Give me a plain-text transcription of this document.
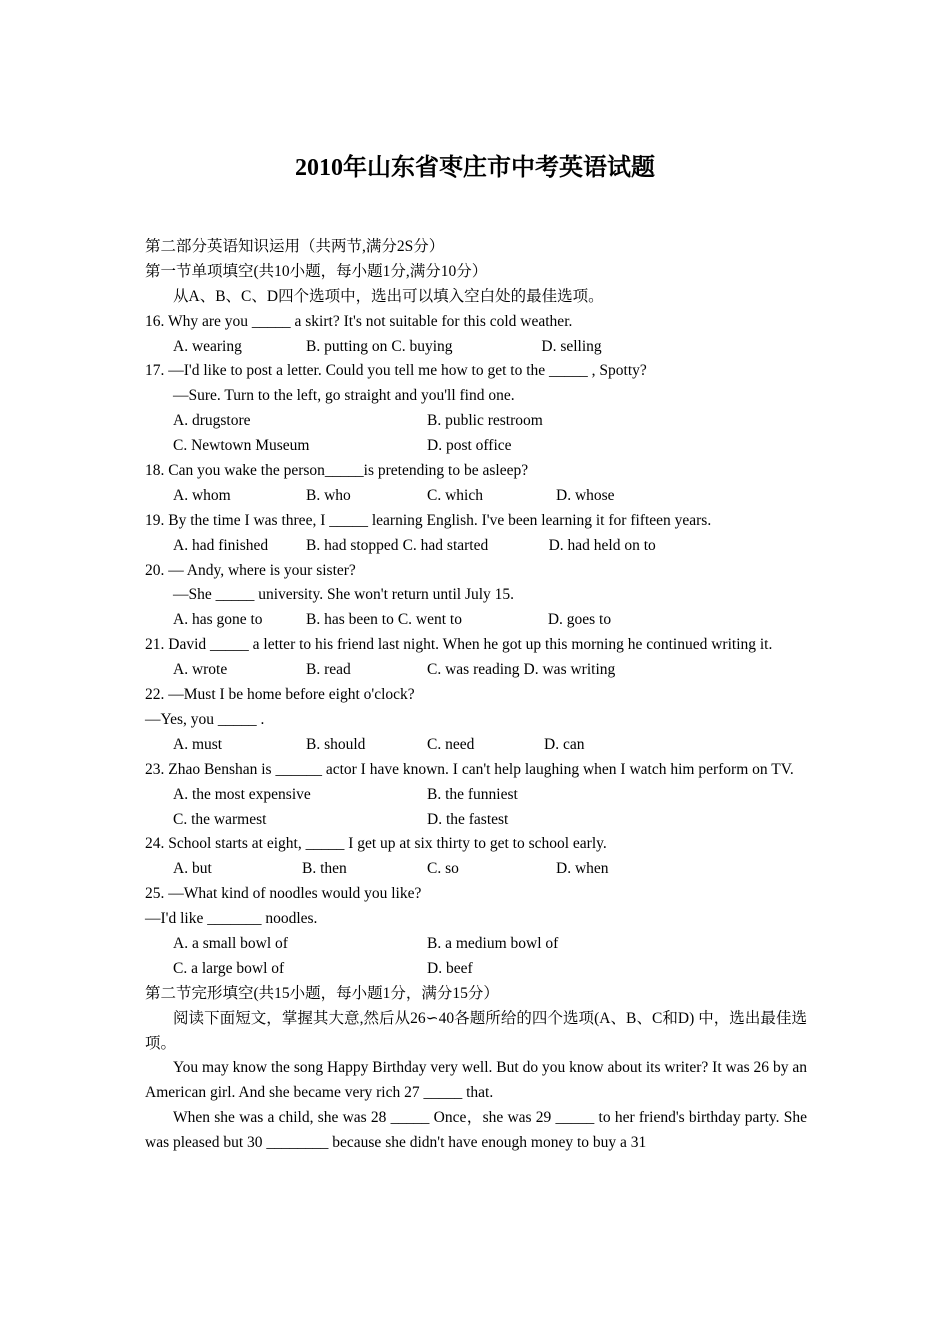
2010年山东省枣庄市中考英语试题
第二部分英语知识运用（共两节,满分2S分）
第一节单项填空(共10小题，每小题1分,满分10分）
从A、B、C、D四个选项中，选出可以填入空白处的最佳选项。
16. Why are you _____ a skirt? It's not suitable for this cold weather.
A. wearing	B. putting on C. buying	D. selling
17. —I'd like to post a letter. Could you tell me how to get to the _____ , Spotty?
—Sure. Turn to the left, go straight and you'll find one.
A. drugstore	B. public restroom
C. Newtown Museum	D. post office
18. Can you wake the person_____is pretending to be asleep?
A. whom	B. who	C. which	D. whose
19. By the time I was three, I _____ learning English. I've been learning it for fifteen years.
A. had finished	B. had stopped C. had started	D. had held on to
20. — Andy, where is your sister?
—She _____ university. She won't return until July 15.
A. has gone to	B. has been to C. went to	D. goes to
21. David _____ a letter to his friend last night. When he got up this morning he continued writing it.
A. wrote	B. read	C. was reading D. was writing
22. —Must I be home before eight o'clock?
—Yes, you _____ .
A. must	B. should	C. need	D. can
23. Zhao Benshan is ______ actor I have known. I can't help laughing when I watch him perform on TV.
A. the most expensive	B. the funniest
C. the warmest	D. the fastest
24. School starts at eight, _____ I get up at six thirty to get to school early.
A. but	B. then	C. so	D. when
25. —What kind of noodles would you like?
—I'd like _______ noodles.
A. a small bowl of	B. a medium bowl of
C. a large bowl of	D. beef
第二节完形填空(共15小题，每小题1分，满分15分）
阅读下面短文，掌握其大意,然后从26∽40各题所给的四个选项(A、B、C和D) 中，选出最佳选项。
You may know the song Happy Birthday very well. But do you know about its writer? It was 26 by an American girl. And she became very rich 27 _____ that.
When she was a child, she was 28 _____ Once，she was 29 _____ to her friend's birthday party. She was pleased but 30 ________ because she didn't have enough money to buy a 31
